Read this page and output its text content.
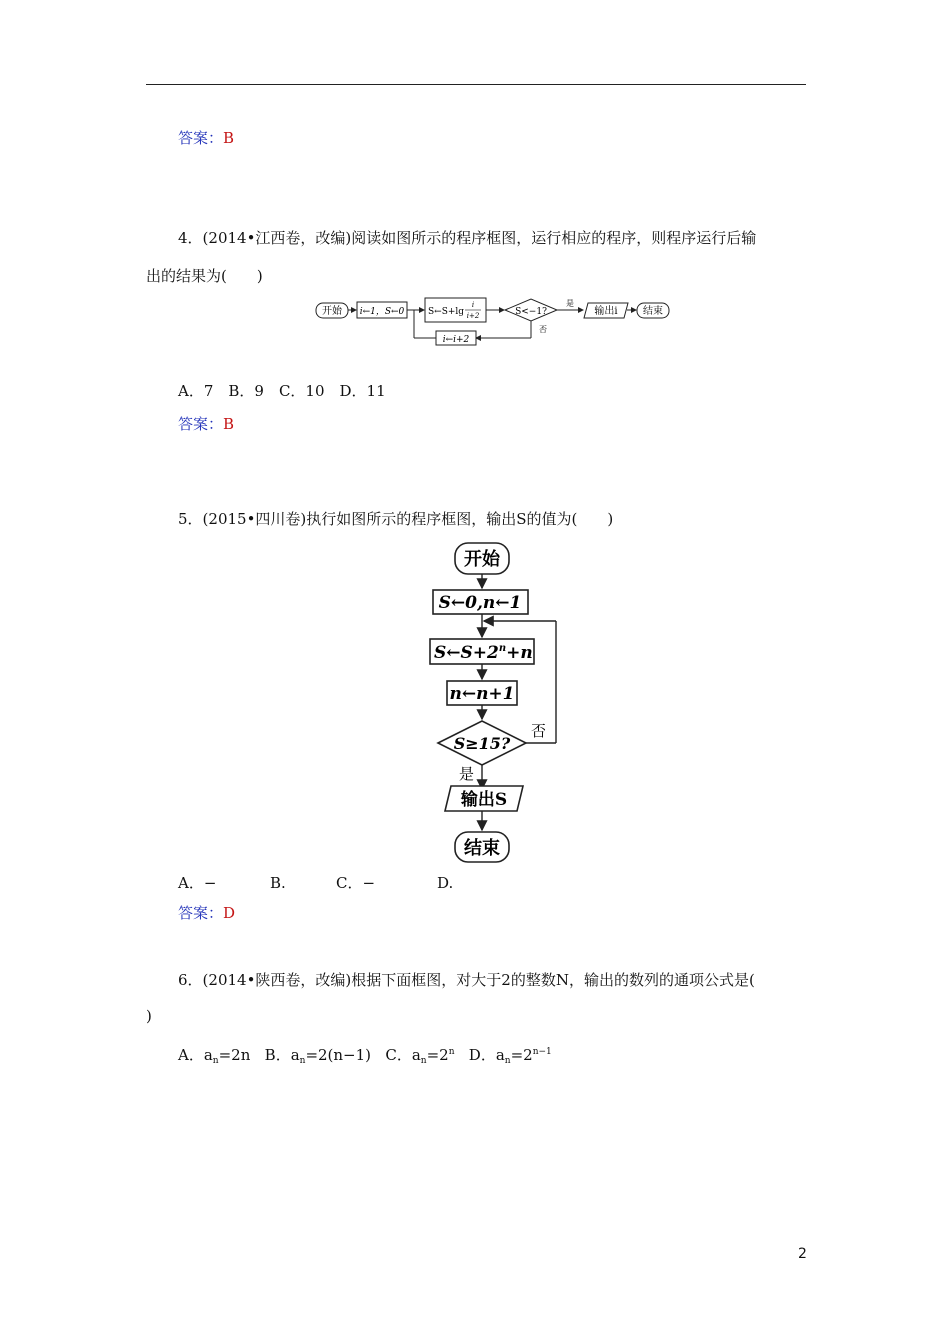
答案：B
4．(2014•江西卷，改编)阅读如图所示的程序框图，运行相应的程序，则程序运行后输
出的结果为(　　)
开始 i←1，S←0	S←S+lg
i
i+2	S<−1?
是
否
输出i	结束
i←i+2
A．7　B．9　C．10　D．11
答案：B
5．(2015•四川卷)执行如图所示的程序框图，输出S的值为(　　)
开始
S←0,n←1
$S\leftarrow S+2^n+n$
n←n+1
S≥15?
否
是
输出S
结束
A．−	B.	C．−	D.
答案：D
6．(2014•陕西卷，改编)根据下面框图，对大于2的整数N，输出的数列的通项公式是(
)
A．$a_n=2n$ B．$a_n=2(n-1)$ C．$a_n=2^n$ D．$a_n=2^{n-1}$
2
